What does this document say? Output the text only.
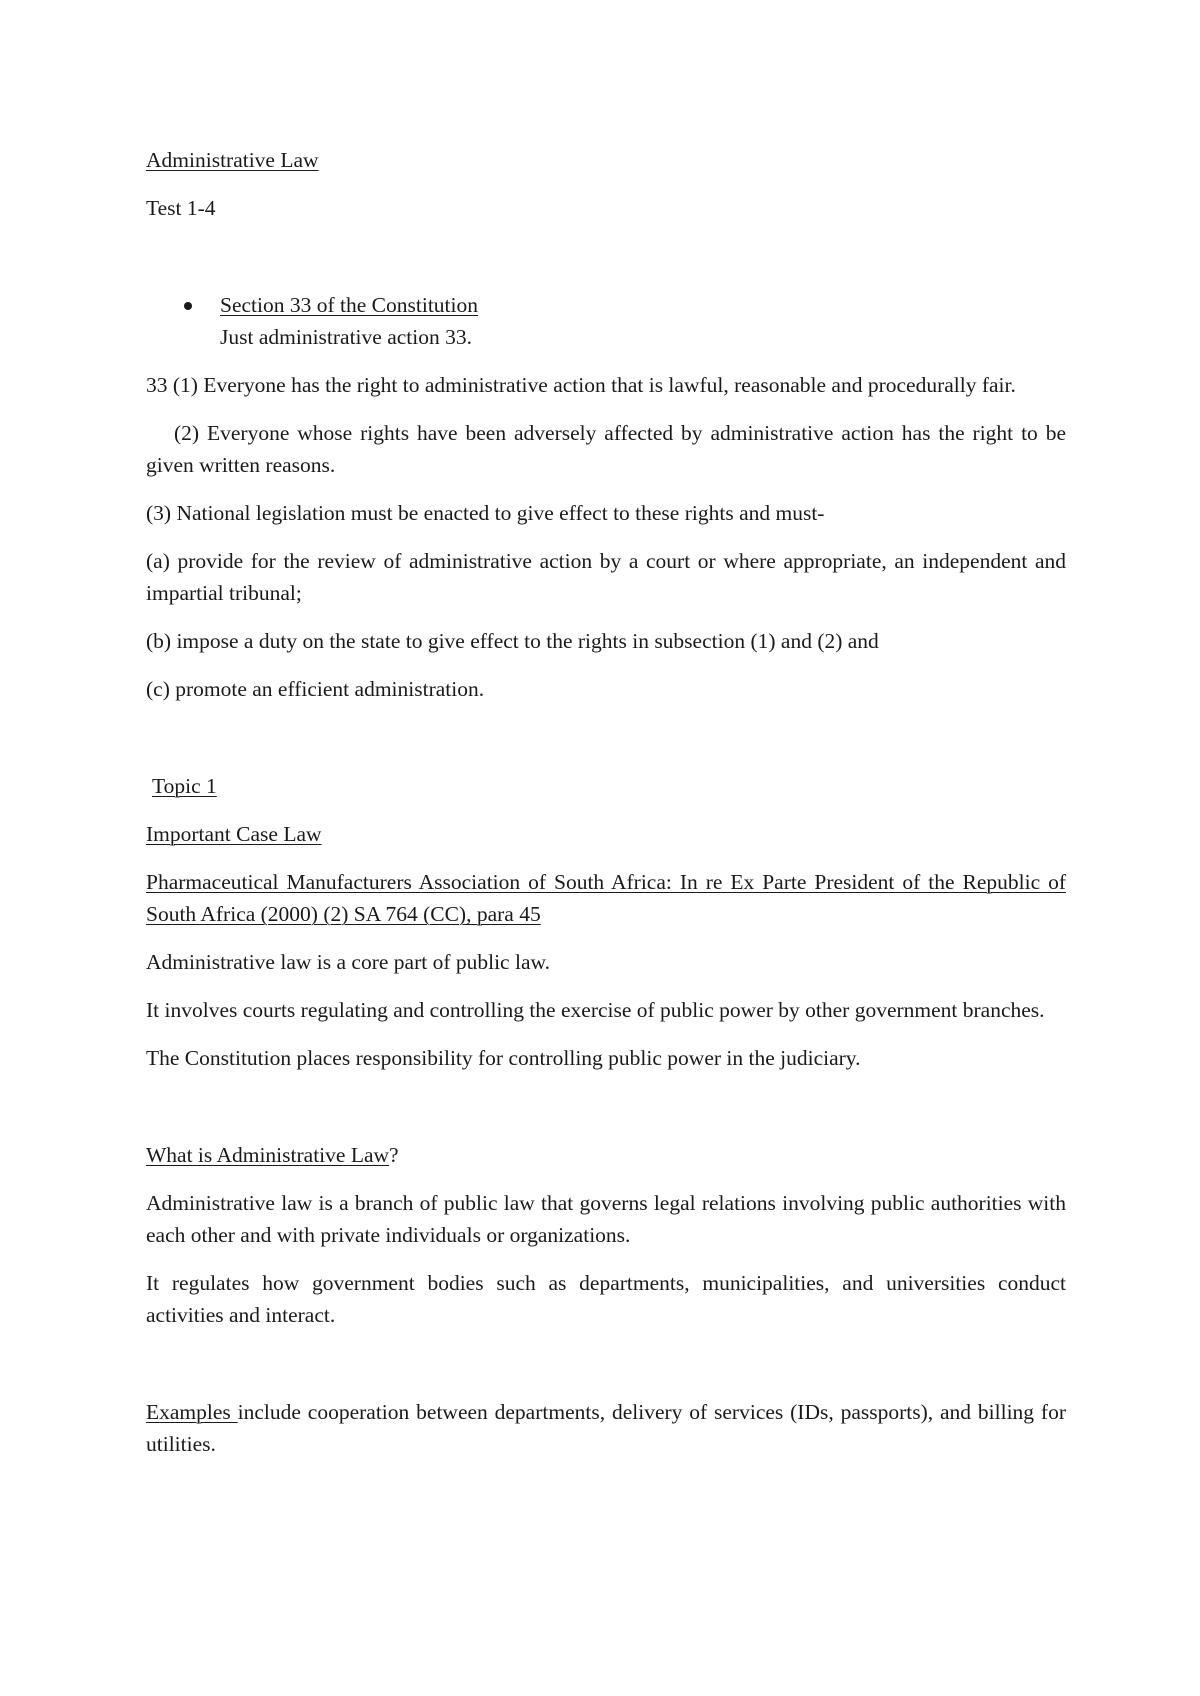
Administrative Law

Test 1-4

Section 33 of the Constitution

Just administrative action 33.

33 (1) Everyone has the right to administrative action that is lawful, reasonable and procedurally fair.

(2) Everyone whose rights have been adversely affected by administrative action has the right to be given written reasons.

(3) National legislation must be enacted to give effect to these rights and must-

(a) provide for the review of administrative action by a court or where appropriate, an independent and impartial tribunal;

(b) impose a duty on the state to give effect to the rights in subsection (1) and (2) and

(c) promote an efficient administration.

Topic 1

Important Case Law

Pharmaceutical Manufacturers Association of South Africa: In re Ex Parte President of the Republic of South Africa (2000) (2) SA 764 (CC), para 45

Administrative law is a core part of public law.

It involves courts regulating and controlling the exercise of public power by other government branches.

The Constitution places responsibility for controlling public power in the judiciary.

What is Administrative Law?

Administrative law is a branch of public law that governs legal relations involving public authorities with each other and with private individuals or organizations.

It regulates how government bodies such as departments, municipalities, and universities conduct activities and interact.

Examples include cooperation between departments, delivery of services (IDs, passports), and billing for utilities.
